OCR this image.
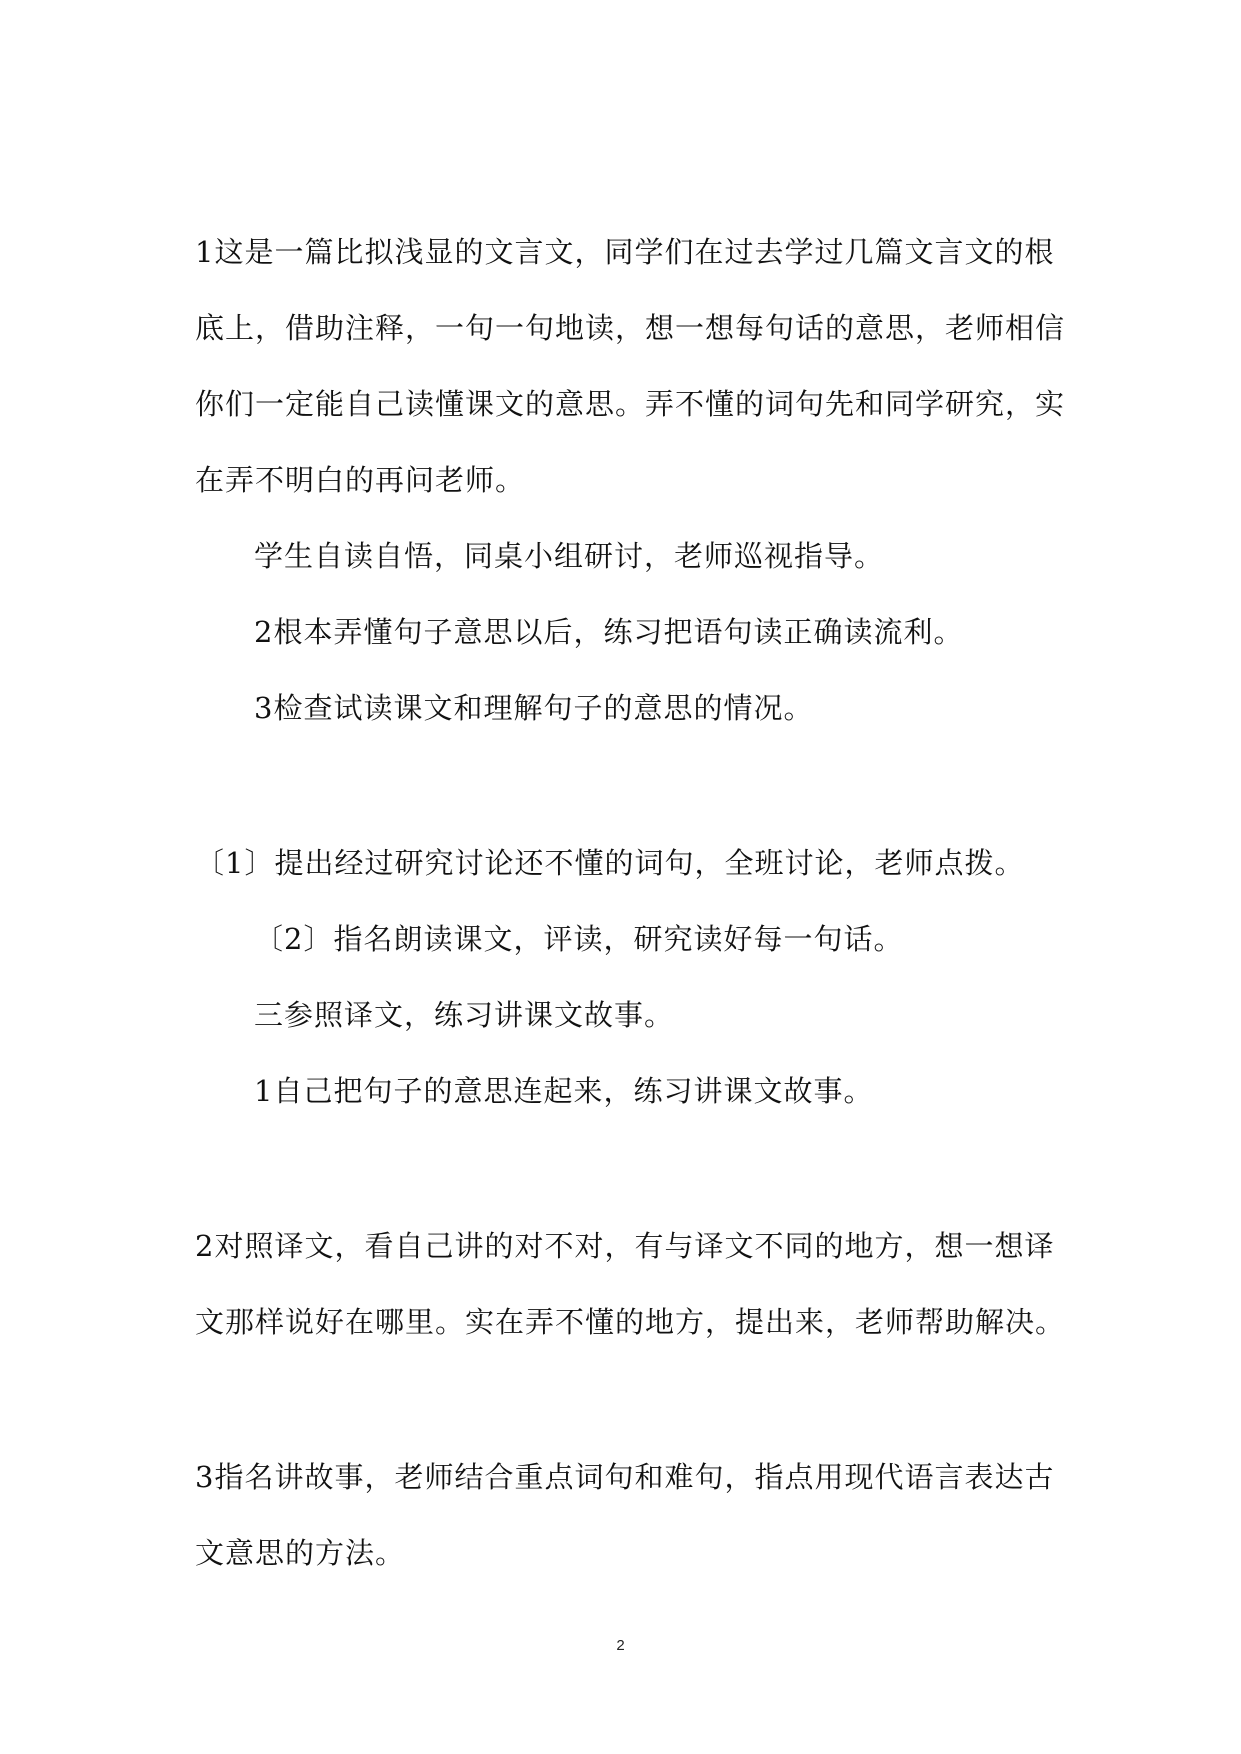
1这是一篇比拟浅显的文言文，同学们在过去学过几篇文言文的根

底上，借助注释，一句一句地读，想一想每句话的意思，老师相信

你们一定能自己读懂课文的意思。弄不懂的词句先和同学研究，实

在弄不明白的再问老师。

学生自读自悟，同桌小组研讨，老师巡视指导。

2根本弄懂句子意思以后，练习把语句读正确读流利。

3检查试读课文和理解句子的意思的情况。

〔1〕提出经过研究讨论还不懂的词句，全班讨论，老师点拨。

〔2〕指名朗读课文，评读，研究读好每一句话。

三参照译文，练习讲课文故事。

1自己把句子的意思连起来，练习讲课文故事。

2对照译文，看自己讲的对不对，有与译文不同的地方，想一想译

文那样说好在哪里。实在弄不懂的地方，提出来，老师帮助解决。

3指名讲故事，老师结合重点词句和难句，指点用现代语言表达古

文意思的方法。

2
